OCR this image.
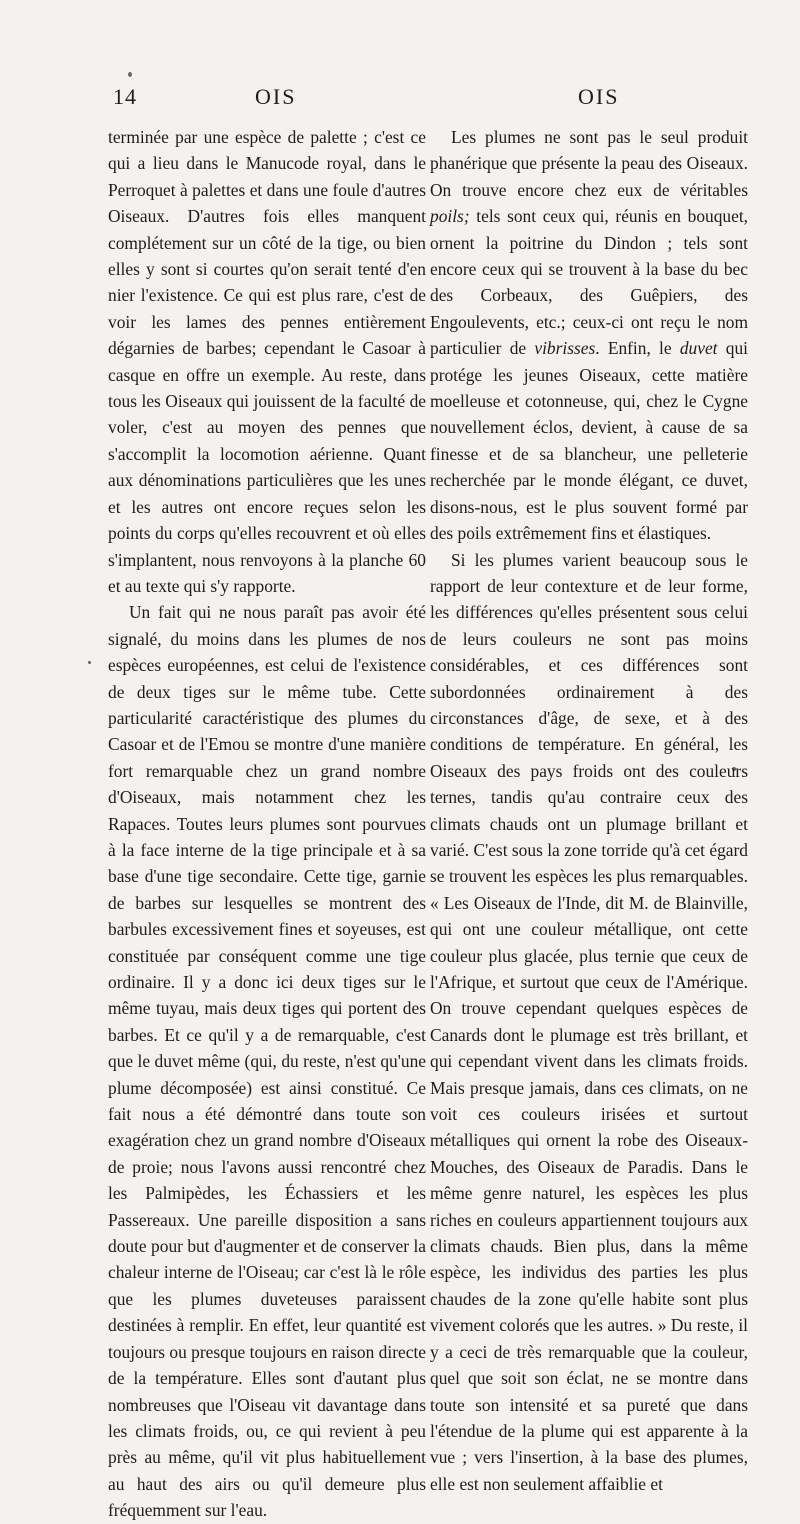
14	OIS	OIS

terminée par une espèce de palette ; c'est ce qui a lieu dans le Manucode royal, dans le Perroquet à palettes et dans une foule d'autres Oiseaux. D'autres fois elles manquent complétement sur un côté de la tige, ou bien elles y sont si courtes qu'on serait tenté d'en nier l'existence. Ce qui est plus rare, c'est de voir les lames des pennes entièrement dégarnies de barbes; cependant le Casoar à casque en offre un exemple. Au reste, dans tous les Oiseaux qui jouissent de la faculté de voler, c'est au moyen des pennes que s'accomplit la locomotion aérienne. Quant aux dénominations particulières que les unes et les autres ont encore reçues selon les points du corps qu'elles recouvrent et où elles s'implantent, nous renvoyons à la planche 60 et au texte qui s'y rapporte.

Un fait qui ne nous paraît pas avoir été signalé, du moins dans les plumes de nos espèces européennes, est celui de l'existence de deux tiges sur le même tube. Cette particularité caractéristique des plumes du Casoar et de l'Emou se montre d'une manière fort remarquable chez un grand nombre d'Oiseaux, mais notamment chez les Rapaces. Toutes leurs plumes sont pourvues à la face interne de la tige principale et à sa base d'une tige secondaire. Cette tige, garnie de barbes sur lesquelles se montrent des barbules excessivement fines et soyeuses, est constituée par conséquent comme une tige ordinaire. Il y a donc ici deux tiges sur le même tuyau, mais deux tiges qui portent des barbes. Et ce qu'il y a de remarquable, c'est que le duvet même (qui, du reste, n'est qu'une plume décomposée) est ainsi constitué. Ce fait nous a été démontré dans toute son exagération chez un grand nombre d'Oiseaux de proie; nous l'avons aussi rencontré chez les Palmipèdes, les Échassiers et les Passereaux. Une pareille disposition a sans doute pour but d'augmenter et de conserver la chaleur interne de l'Oiseau; car c'est là le rôle que les plumes duveteuses paraissent destinées à remplir. En effet, leur quantité est toujours ou presque toujours en raison directe de la température. Elles sont d'autant plus nombreuses que l'Oiseau vit davantage dans les climats froids, ou, ce qui revient à peu près au même, qu'il vit plus habituellement au haut des airs ou qu'il demeure plus fréquemment sur l'eau.

Les plumes ne sont pas le seul produit phanérique que présente la peau des Oiseaux. On trouve encore chez eux de véritables poils; tels sont ceux qui, réunis en bouquet, ornent la poitrine du Dindon ; tels sont encore ceux qui se trouvent à la base du bec des Corbeaux, des Guêpiers, des Engoulevents, etc.; ceux-ci ont reçu le nom particulier de vibrisses. Enfin, le duvet qui protége les jeunes Oiseaux, cette matière moelleuse et cotonneuse, qui, chez le Cygne nouvellement éclos, devient, à cause de sa finesse et de sa blancheur, une pelleterie recherchée par le monde élégant, ce duvet, disons-nous, est le plus souvent formé par des poils extrêmement fins et élastiques.

Si les plumes varient beaucoup sous le rapport de leur contexture et de leur forme, les différences qu'elles présentent sous celui de leurs couleurs ne sont pas moins considérables, et ces différences sont subordonnées ordinairement à des circonstances d'âge, de sexe, et à des conditions de température. En général, les Oiseaux des pays froids ont des couleurs ternes, tandis qu'au contraire ceux des climats chauds ont un plumage brillant et varié. C'est sous la zone torride qu'à cet égard se trouvent les espèces les plus remarquables. « Les Oiseaux de l'Inde, dit M. de Blainville, qui ont une couleur métallique, ont cette couleur plus glacée, plus ternie que ceux de l'Afrique, et surtout que ceux de l'Amérique. On trouve cependant quelques espèces de Canards dont le plumage est très brillant, et qui cependant vivent dans les climats froids. Mais presque jamais, dans ces climats, on ne voit ces couleurs irisées et surtout métalliques qui ornent la robe des Oiseaux-Mouches, des Oiseaux de Paradis. Dans le même genre naturel, les espèces les plus riches en couleurs appartiennent toujours aux climats chauds. Bien plus, dans la même espèce, les individus des parties les plus chaudes de la zone qu'elle habite sont plus vivement colorés que les autres. » Du reste, il y a ceci de très remarquable que la couleur, quel que soit son éclat, ne se montre dans toute son intensité et sa pureté que dans l'étendue de la plume qui est apparente à la vue ; vers l'insertion, à la base des plumes, elle est non seulement affaiblie et
